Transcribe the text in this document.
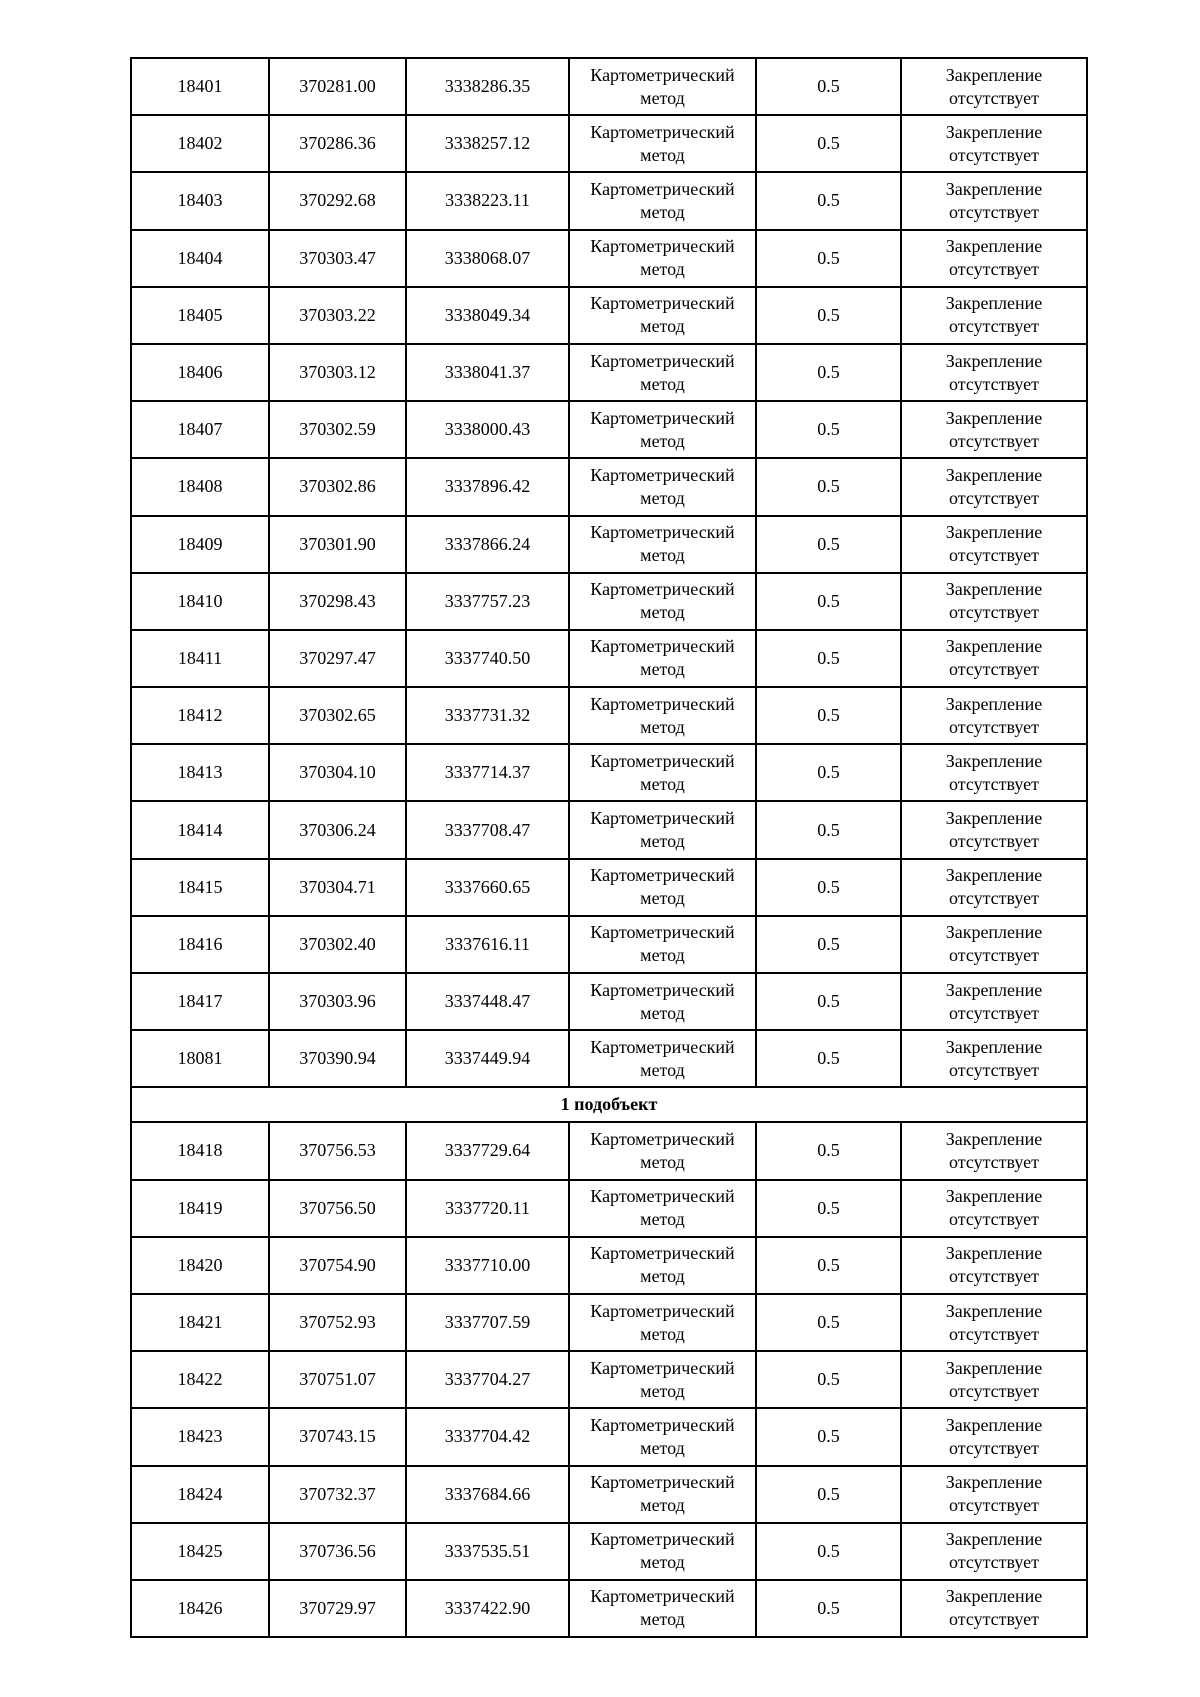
18401	370281.00	3338286.35	Картометрический метод	0.5	Закрепление отсутствует
18402	370286.36	3338257.12	Картометрический метод	0.5	Закрепление отсутствует
18403	370292.68	3338223.11	Картометрический метод	0.5	Закрепление отсутствует
18404	370303.47	3338068.07	Картометрический метод	0.5	Закрепление отсутствует
18405	370303.22	3338049.34	Картометрический метод	0.5	Закрепление отсутствует
18406	370303.12	3338041.37	Картометрический метод	0.5	Закрепление отсутствует
18407	370302.59	3338000.43	Картометрический метод	0.5	Закрепление отсутствует
18408	370302.86	3337896.42	Картометрический метод	0.5	Закрепление отсутствует
18409	370301.90	3337866.24	Картометрический метод	0.5	Закрепление отсутствует
18410	370298.43	3337757.23	Картометрический метод	0.5	Закрепление отсутствует
18411	370297.47	3337740.50	Картометрический метод	0.5	Закрепление отсутствует
18412	370302.65	3337731.32	Картометрический метод	0.5	Закрепление отсутствует
18413	370304.10	3337714.37	Картометрический метод	0.5	Закрепление отсутствует
18414	370306.24	3337708.47	Картометрический метод	0.5	Закрепление отсутствует
18415	370304.71	3337660.65	Картометрический метод	0.5	Закрепление отсутствует
18416	370302.40	3337616.11	Картометрический метод	0.5	Закрепление отсутствует
18417	370303.96	3337448.47	Картометрический метод	0.5	Закрепление отсутствует
18081	370390.94	3337449.94	Картометрический метод	0.5	Закрепление отсутствует
1 подобъект					
18418	370756.53	3337729.64	Картометрический метод	0.5	Закрепление отсутствует
18419	370756.50	3337720.11	Картометрический метод	0.5	Закрепление отсутствует
18420	370754.90	3337710.00	Картометрический метод	0.5	Закрепление отсутствует
18421	370752.93	3337707.59	Картометрический метод	0.5	Закрепление отсутствует
18422	370751.07	3337704.27	Картометрический метод	0.5	Закрепление отсутствует
18423	370743.15	3337704.42	Картометрический метод	0.5	Закрепление отсутствует
18424	370732.37	3337684.66	Картометрический метод	0.5	Закрепление отсутствует
18425	370736.56	3337535.51	Картометрический метод	0.5	Закрепление отсутствует
18426	370729.97	3337422.90	Картометрический метод	0.5	Закрепление отсутствует
